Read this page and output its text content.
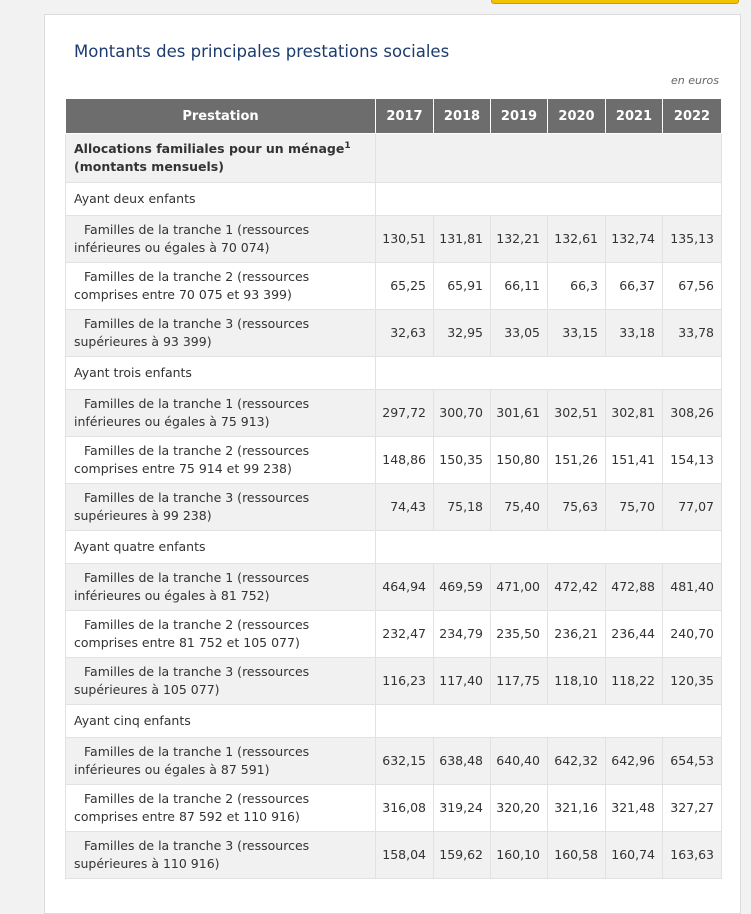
Montants des principales prestations sociales
en euros
Prestation	2017	2018	2019	2020	2021	2022
Allocations familiales pour un ménage$^1$
(montants mensuels)						
Ayant deux enfants						
Familles de la tranche 1 (ressources inférieures ou égales à 70 074)	130,51	131,81	132,21	132,61	132,74	135,13
Familles de la tranche 2 (ressources comprises entre 70 075 et 93 399)	65,25	65,91	66,11	66,3	66,37	67,56
Familles de la tranche 3 (ressources supérieures à 93 399)	32,63	32,95	33,05	33,15	33,18	33,78
Ayant trois enfants						
Familles de la tranche 1 (ressources inférieures ou égales à 75 913)	297,72	300,70	301,61	302,51	302,81	308,26
Familles de la tranche 2 (ressources comprises entre 75 914 et 99 238)	148,86	150,35	150,80	151,26	151,41	154,13
Familles de la tranche 3 (ressources supérieures à 99 238)	74,43	75,18	75,40	75,63	75,70	77,07
Ayant quatre enfants						
Familles de la tranche 1 (ressources inférieures ou égales à 81 752)	464,94	469,59	471,00	472,42	472,88	481,40
Familles de la tranche 2 (ressources comprises entre 81 752 et 105 077)	232,47	234,79	235,50	236,21	236,44	240,70
Familles de la tranche 3 (ressources supérieures à 105 077)	116,23	117,40	117,75	118,10	118,22	120,35
Ayant cinq enfants						
Familles de la tranche 1 (ressources inférieures ou égales à 87 591)	632,15	638,48	640,40	642,32	642,96	654,53
Familles de la tranche 2 (ressources comprises entre 87 592 et 110 916)	316,08	319,24	320,20	321,16	321,48	327,27
Familles de la tranche 3 (ressources supérieures à 110 916)	158,04	159,62	160,10	160,58	160,74	163,63
